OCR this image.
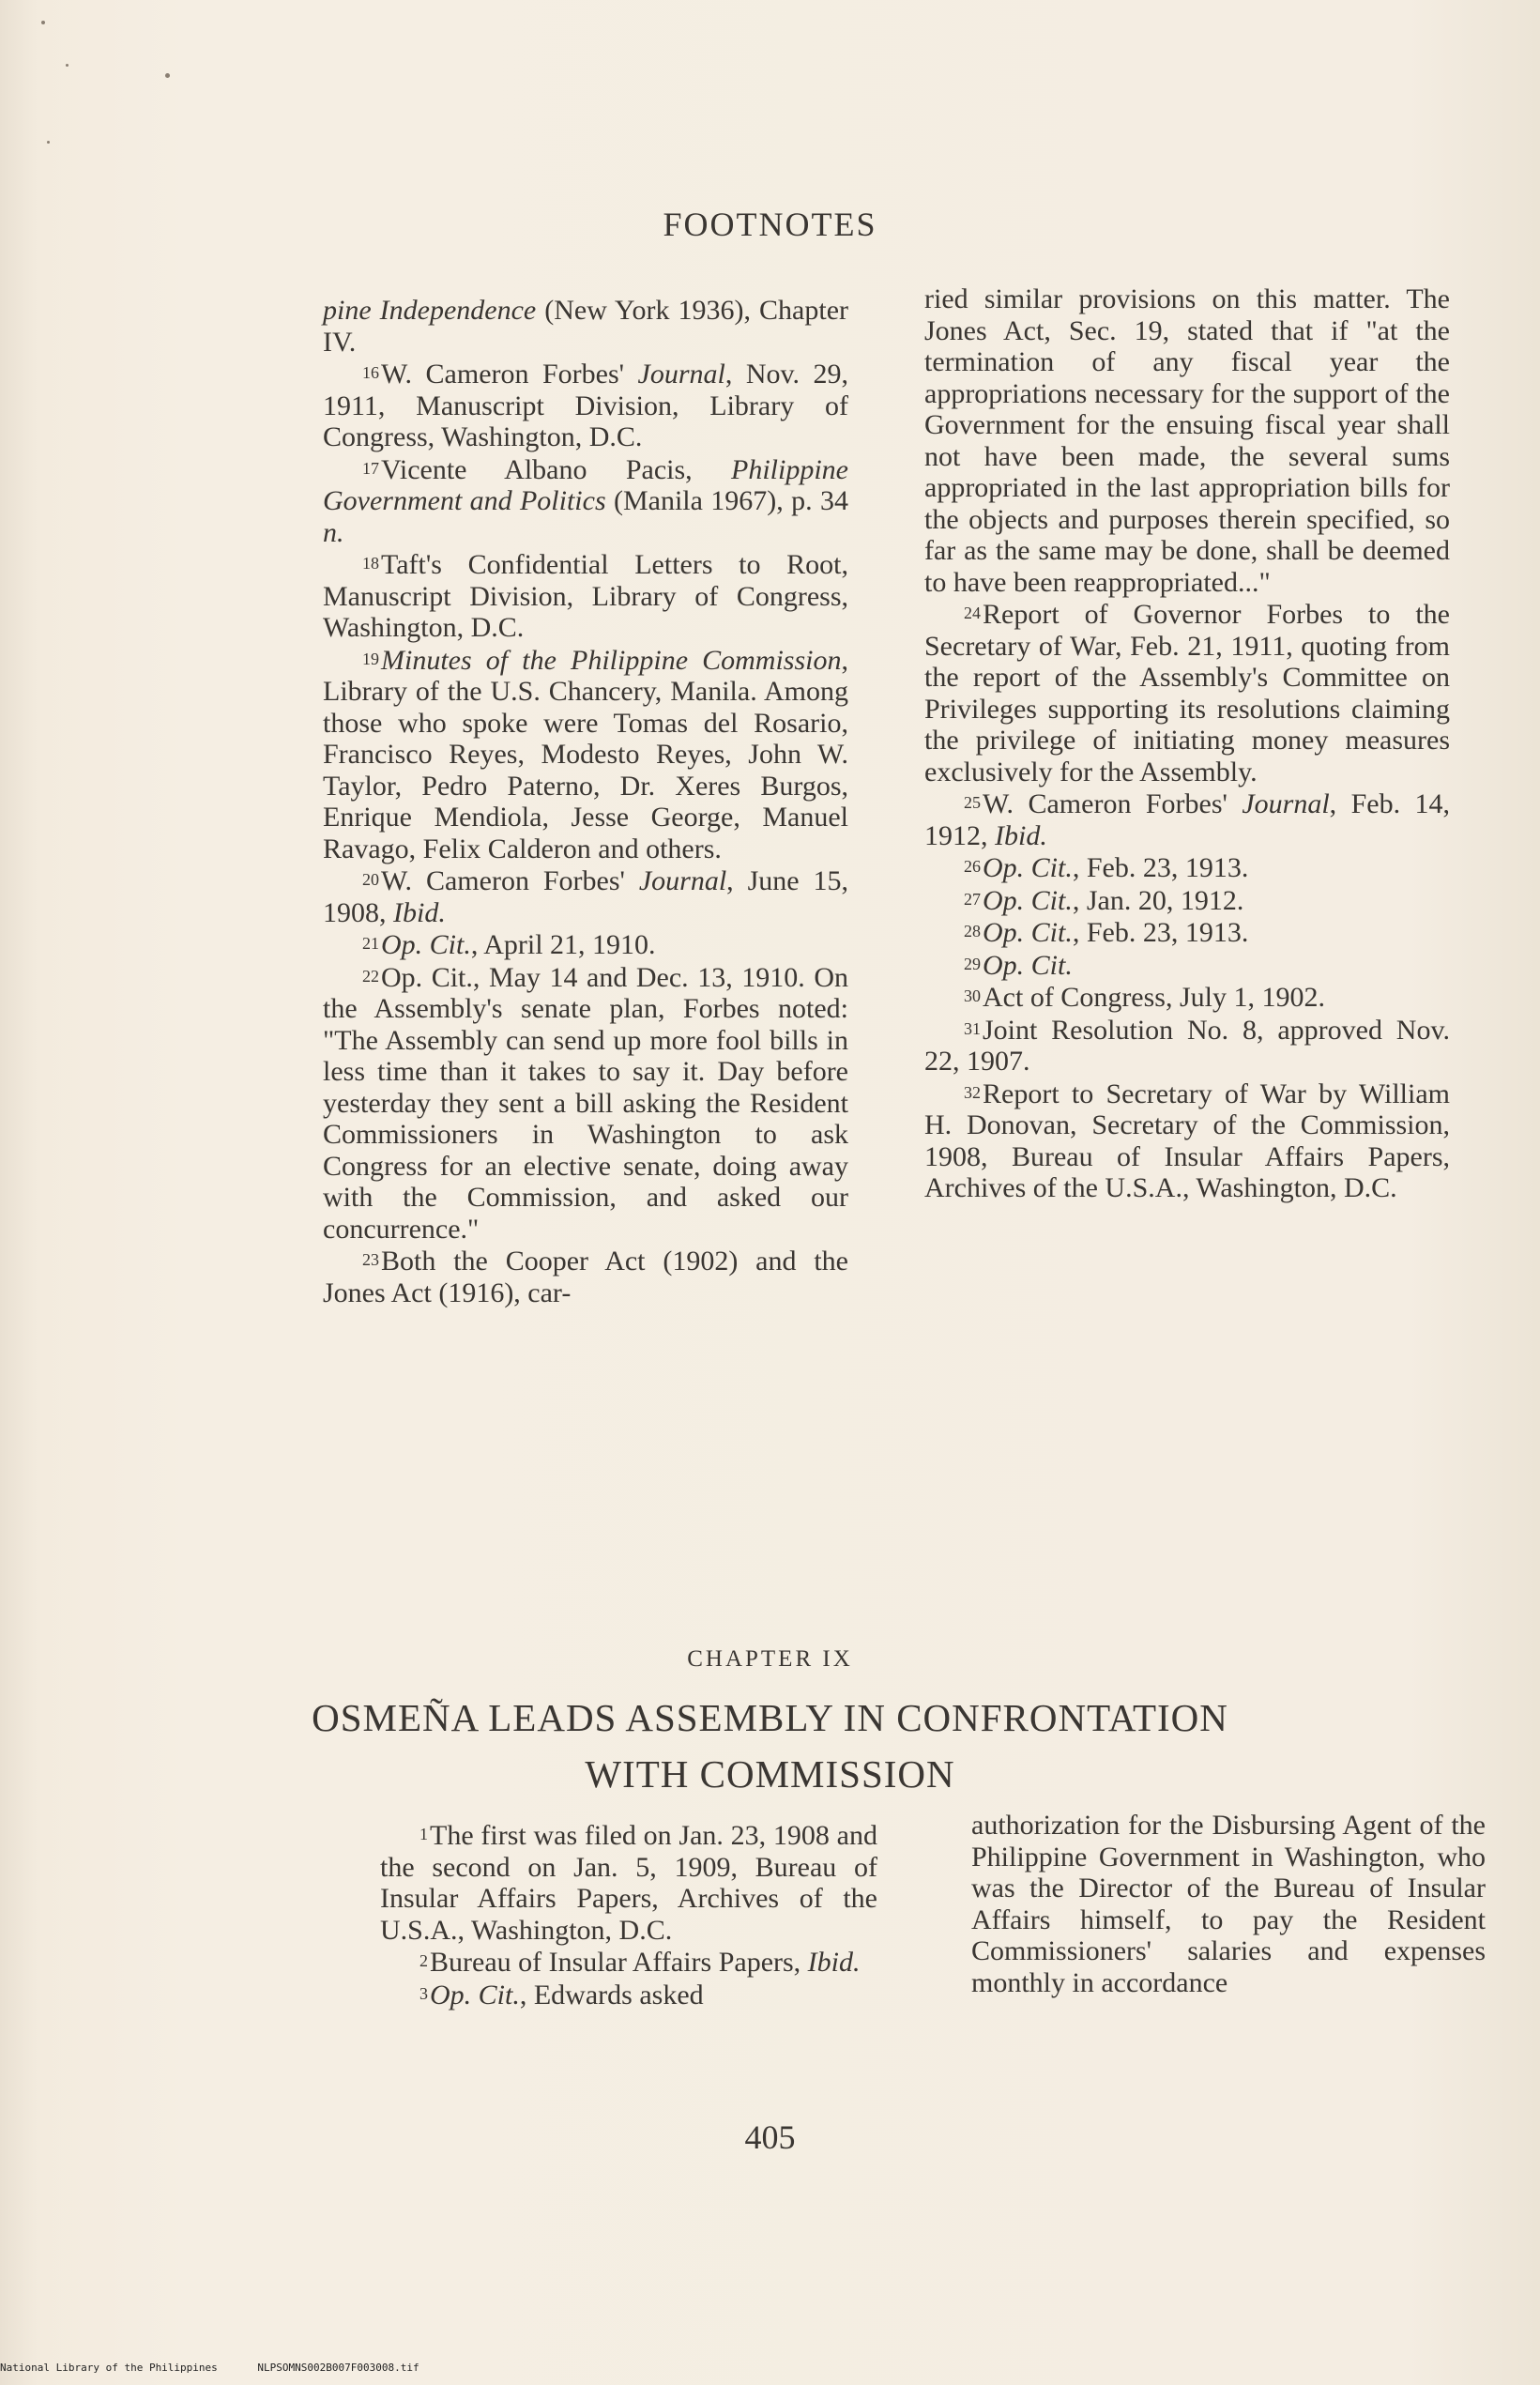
FOOTNOTES

pine Independence (New York 1936), Chapter IV.

$^{16}$W. Cameron Forbes' Journal, Nov. 29, 1911, Manuscript Division, Library of Congress, Washington, D.C.

$^{17}$Vicente Albano Pacis, Philippine Government and Politics (Manila 1967), p. 34 n.

$^{18}$Taft's Confidential Letters to Root, Manuscript Division, Library of Congress, Washington, D.C.

$^{19}$Minutes of the Philippine Commission, Library of the U.S. Chancery, Manila. Among those who spoke were Tomas del Rosario, Francisco Reyes, Modesto Reyes, John W. Taylor, Pedro Paterno, Dr. Xeres Burgos, Enrique Mendiola, Jesse George, Manuel Ravago, Felix Calderon and others.

$^{20}$W. Cameron Forbes' Journal, June 15, 1908, Ibid.

$^{21}$Op. Cit., April 21, 1910.

$^{22}$Op. Cit., May 14 and Dec. 13, 1910. On the Assembly's senate plan, Forbes noted: "The Assembly can send up more fool bills in less time than it takes to say it. Day before yesterday they sent a bill asking the Resident Commissioners in Washington to ask Congress for an elective senate, doing away with the Commission, and asked our concurrence."

$^{23}$Both the Cooper Act (1902) and the Jones Act (1916), car-

ried similar provisions on this matter. The Jones Act, Sec. 19, stated that if "at the termination of any fiscal year the appropriations necessary for the support of the Government for the ensuing fiscal year shall not have been made, the several sums appropriated in the last appropriation bills for the objects and purposes therein specified, so far as the same may be done, shall be deemed to have been reappropriated..."

$^{24}$Report of Governor Forbes to the Secretary of War, Feb. 21, 1911, quoting from the report of the Assembly's Committee on Privileges supporting its resolutions claiming the privilege of initiating money measures exclusively for the Assembly.

$^{25}$W. Cameron Forbes' Journal, Feb. 14, 1912, Ibid.

$^{26}$Op. Cit., Feb. 23, 1913.

$^{27}$Op. Cit., Jan. 20, 1912.

$^{28}$Op. Cit., Feb. 23, 1913.

$^{29}$Op. Cit.

$^{30}$Act of Congress, July 1, 1902.

$^{31}$Joint Resolution No. 8, approved Nov. 22, 1907.

$^{32}$Report to Secretary of War by William H. Donovan, Secretary of the Commission, 1908, Bureau of Insular Affairs Papers, Archives of the U.S.A., Washington, D.C.

CHAPTER IX
OSMEÑA LEADS ASSEMBLY IN CONFRONTATION
WITH COMMISSION

$^1$The first was filed on Jan. 23, 1908 and the second on Jan. 5, 1909, Bureau of Insular Affairs Papers, Archives of the U.S.A., Washington, D.C.

$^2$Bureau of Insular Affairs Papers, Ibid.

$^3$Op. Cit., Edwards asked

authorization for the Disbursing Agent of the Philippine Government in Washington, who was the Director of the Bureau of Insular Affairs himself, to pay the Resident Commissioners' salaries and expenses monthly in accordance

405
National Library of the Philippines	NLPSOMNS002B007F003008.tif
